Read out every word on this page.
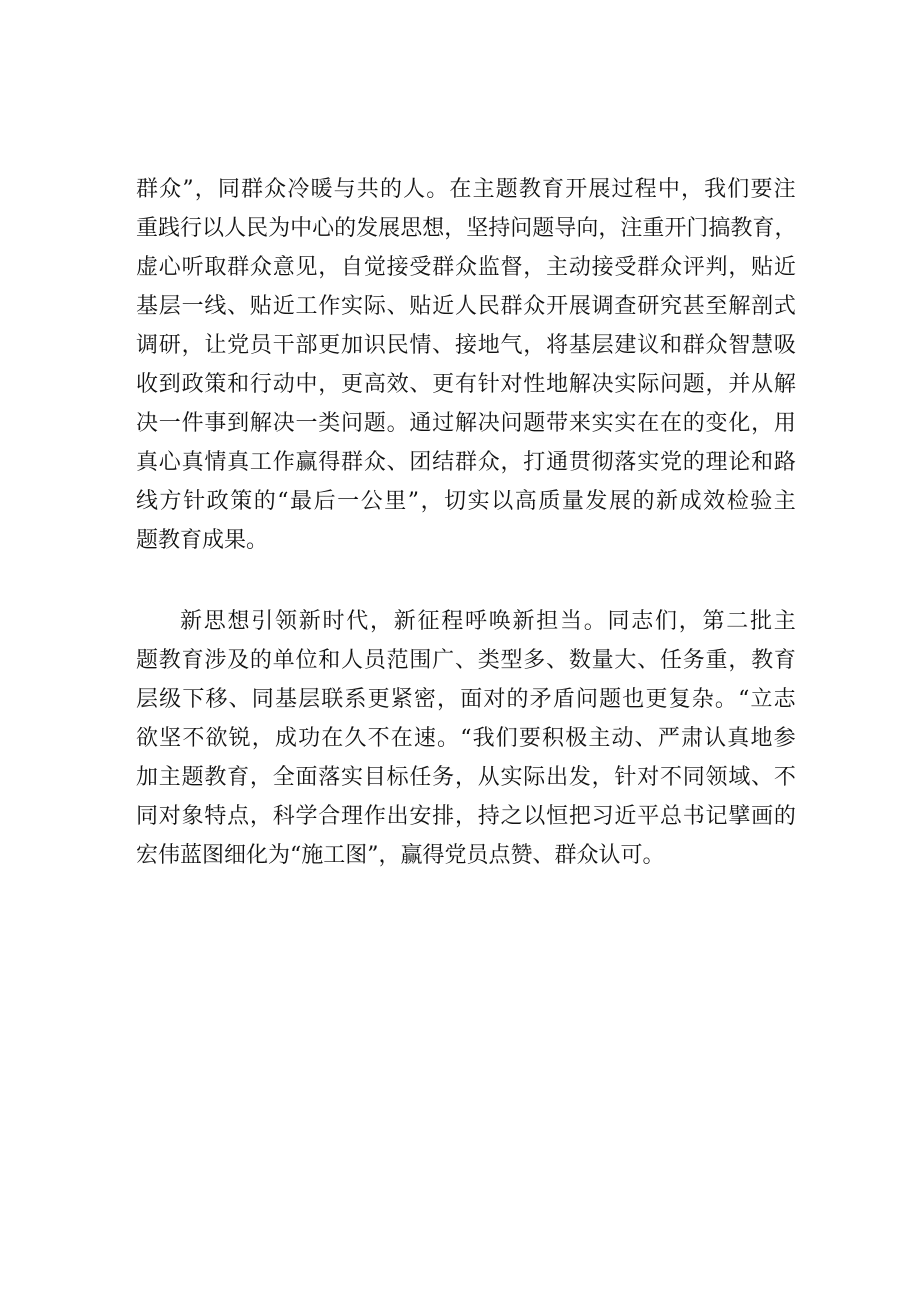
群 众 ” ， 同 群 众 冷 暖 与 共 的 人 。 在 主 题 教 育 开 展 过 程 中 ， 我 们 要 注
重 践 行 以 人 民 为 中 心 的 发 展 思 想 ， 坚 持 问 题 导 向 ， 注 重 开 门 搞 教 育 ，
虚 心 听 取 群 众 意 见 ， 自 觉 接 受 群 众 监 督 ， 主 动 接 受 群 众 评 判 ， 贴 近
基 层 一 线 、 贴 近 工 作 实 际 、 贴 近 人 民 群 众 开 展 调 查 研 究 甚 至 解 剖 式
调 研 ， 让 党 员 干 部 更 加 识 民 情 、 接 地 气 ， 将 基 层 建 议 和 群 众 智 慧 吸
收 到 政 策 和 行 动 中 ， 更 高 效 、 更 有 针 对 性 地 解 决 实 际 问 题 ， 并 从 解
决 一 件 事 到 解 决 一 类 问 题 。 通 过 解 决 问 题 带 来 实 实 在 在 的 变 化 ， 用
真 心 真 情 真 工 作 赢 得 群 众 、 团 结 群 众 ， 打 通 贯 彻 落 实 党 的 理 论 和 路
线 方 针 政 策 的 “ 最 后 一 公 里 ” ， 切 实 以 高 质 量 发 展 的 新 成 效 检 验 主
题教育成果。
新 思 想 引 领 新 时 代 ， 新 征 程 呼 唤 新 担 当 。 同 志 们 ， 第 二 批 主
题 教 育 涉 及 的 单 位 和 人 员 范 围 广 、 类 型 多 、 数 量 大 、 任 务 重 ， 教 育
层 级 下 移 、 同 基 层 联 系 更 紧 密 ， 面 对 的 矛 盾 问 题 也 更 复 杂 。 “ 立 志
欲 坚 不 欲 锐 ， 成 功 在 久 不 在 速 。 “ 我 们 要 积 极 主 动 、 严 肃 认 真 地 参
加 主 题 教 育 ， 全 面 落 实 目 标 任 务 ， 从 实 际 出 发 ， 针 对 不 同 领 域 、 不
同 对 象 特 点 ， 科 学 合 理 作 出 安 排 ， 持 之 以 恒 把 习 近 平 总 书 记 擘 画 的
宏伟蓝图细化为“施工图”，赢得党员点赞、群众认可。
